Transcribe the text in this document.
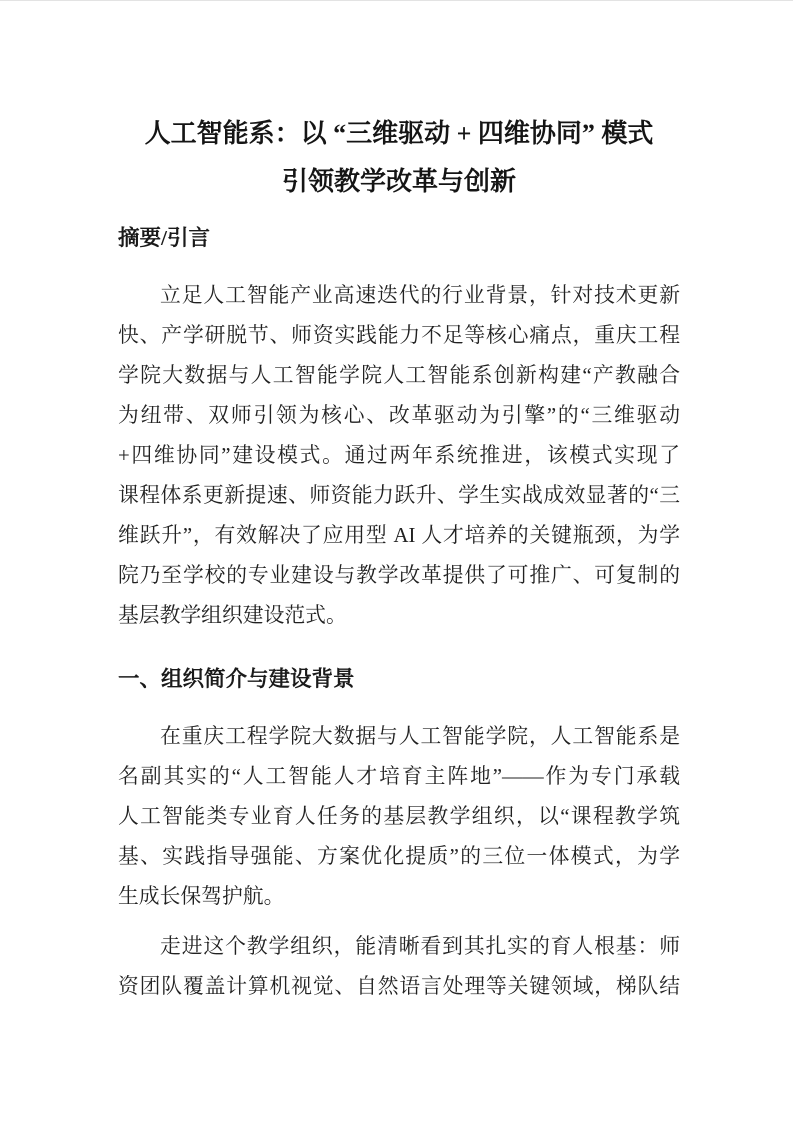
人工智能系：以 “三维驱动 + 四维协同” 模式
引领教学改革与创新
摘要/引言
立足人工智能产业高速迭代的行业背景，针对技术更新
快、产学研脱节、师资实践能力不足等核心痛点，重庆工程
学院大数据与人工智能学院人工智能系创新构建“产教融合
为纽带、双师引领为核心、改革驱动为引擎”的“三维驱动
+四维协同”建设模式。通过两年系统推进，该模式实现了
课程体系更新提速、师资能力跃升、学生实战成效显著的“三
维跃升”，有效解决了应用型 AI 人才培养的关键瓶颈，为学
院乃至学校的专业建设与教学改革提供了可推广、可复制的
基层教学组织建设范式。
一、组织简介与建设背景
在重庆工程学院大数据与人工智能学院，人工智能系是
名副其实的“人工智能人才培育主阵地”——作为专门承载
人工智能类专业育人任务的基层教学组织，以“课程教学筑
基、实践指导强能、方案优化提质”的三位一体模式，为学
生成长保驾护航。
走进这个教学组织，能清晰看到其扎实的育人根基：师
资团队覆盖计算机视觉、自然语言处理等关键领域，梯队结
